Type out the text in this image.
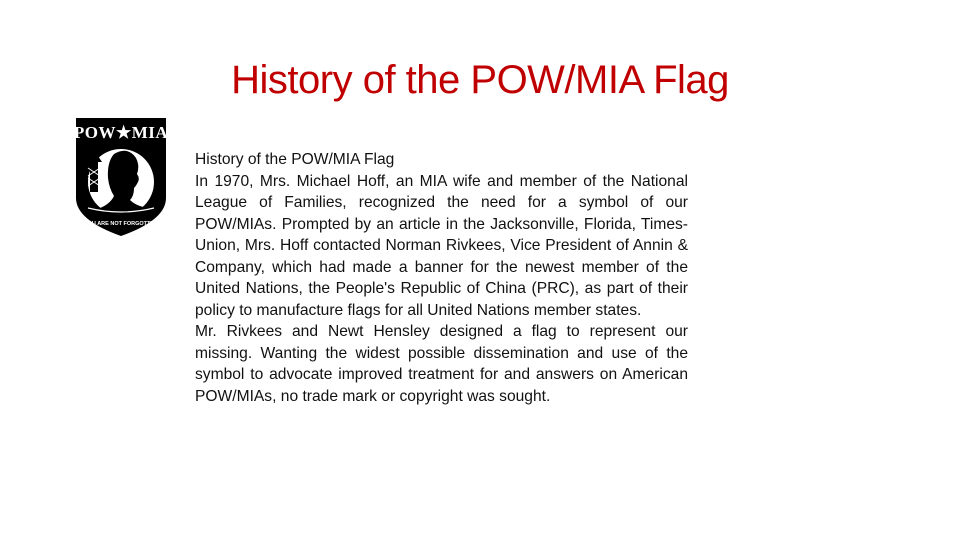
History of the POW/MIA Flag
POW★MIA
YOU ARE NOT FORGOTTEN

History of the POW/MIA Flag

In 1970, Mrs. Michael Hoff, an MIA wife and member of the National League of Families, recognized the need for a symbol of our POW/MIAs. Prompted by an article in the Jacksonville, Florida, Times-Union, Mrs. Hoff contacted Norman Rivkees, Vice President of Annin & Company, which had made a banner for the newest member of the United Nations, the People's Republic of China (PRC), as part of their policy to manufacture flags for all United Nations member states.

Mr. Rivkees and Newt Hensley designed a flag to represent our missing. Wanting the widest possible dissemination and use of the symbol to advocate improved treatment for and answers on American POW/MIAs, no trade mark or copyright was sought.
